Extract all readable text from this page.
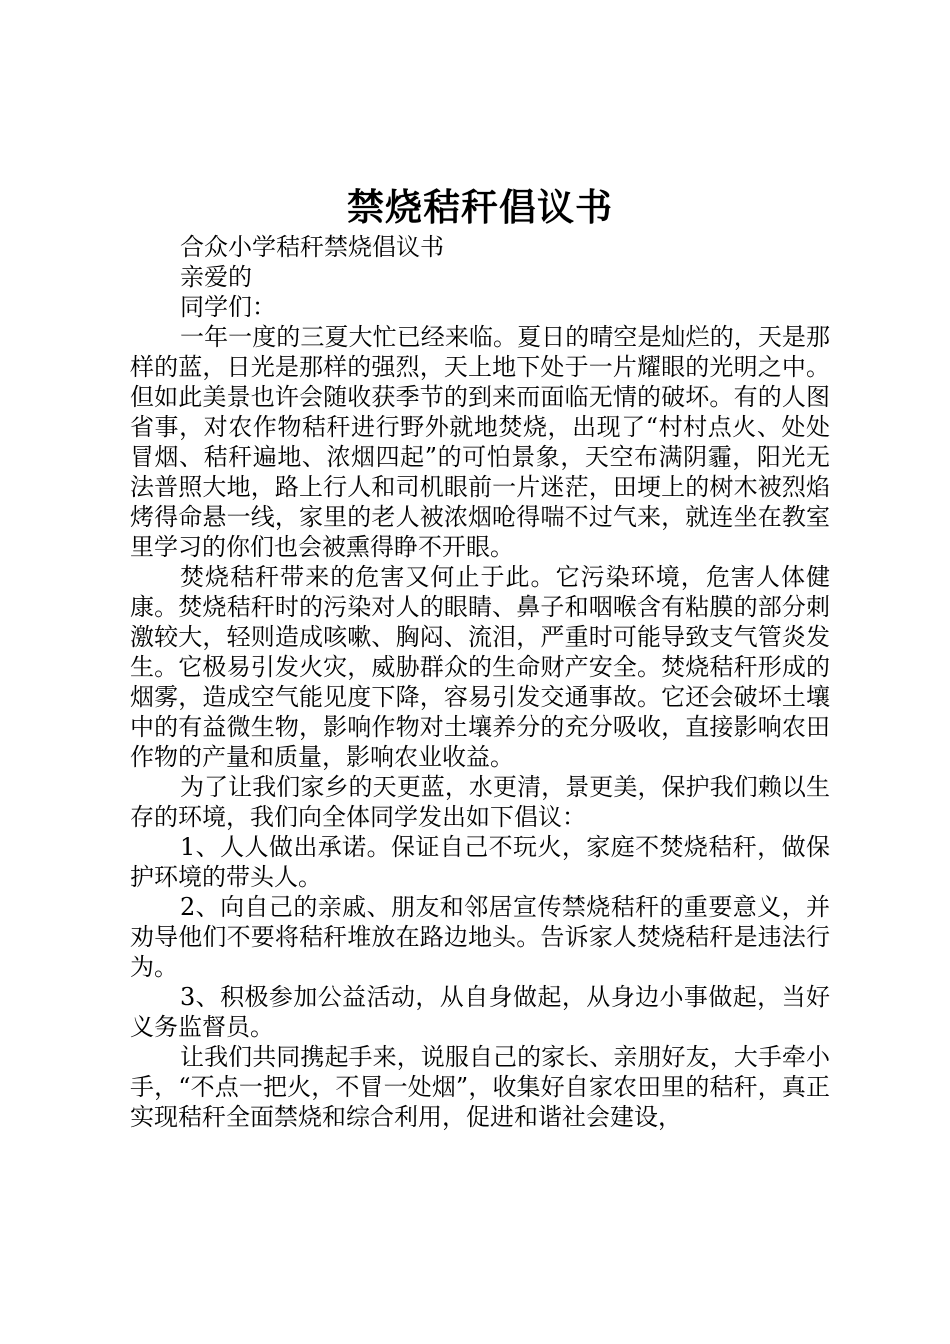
禁烧秸秆倡议书

合众小学秸秆禁烧倡议书

亲爱的

同学们：

一年一度的三夏大忙已经来临。夏日的晴空是灿烂的，天是那样的蓝，日光是那样的强烈，天上地下处于一片耀眼的光明之中。但如此美景也许会随收获季节的到来而面临无情的破坏。有的人图省事，对农作物秸秆进行野外就地焚烧，出现了“村村点火、处处冒烟、秸秆遍地、浓烟四起”的可怕景象，天空布满阴霾，阳光无法普照大地，路上行人和司机眼前一片迷茫，田埂上的树木被烈焰烤得命悬一线，家里的老人被浓烟呛得喘不过气来，就连坐在教室里学习的你们也会被熏得睁不开眼。

焚烧秸秆带来的危害又何止于此。它污染环境，危害人体健康。焚烧秸秆时的污染对人的眼睛、鼻子和咽喉含有粘膜的部分刺激较大，轻则造成咳嗽、胸闷、流泪，严重时可能导致支气管炎发生。它极易引发火灾，威胁群众的生命财产安全。焚烧秸秆形成的烟雾，造成空气能见度下降，容易引发交通事故。它还会破坏土壤中的有益微生物，影响作物对土壤养分的充分吸收，直接影响农田作物的产量和质量，影响农业收益。

为了让我们家乡的天更蓝，水更清，景更美，保护我们赖以生存的环境，我们向全体同学发出如下倡议：

1、人人做出承诺。保证自己不玩火，家庭不焚烧秸秆，做保护环境的带头人。

2、向自己的亲戚、朋友和邻居宣传禁烧秸秆的重要意义，并劝导他们不要将秸秆堆放在路边地头。告诉家人焚烧秸秆是违法行为。

3、积极参加公益活动，从自身做起，从身边小事做起，当好义务监督员。

让我们共同携起手来，说服自己的家长、亲朋好友，大手牵小手，“不点一把火，不冒一处烟”，收集好自家农田里的秸秆，真正实现秸秆全面禁烧和综合利用，促进和谐社会建设，
